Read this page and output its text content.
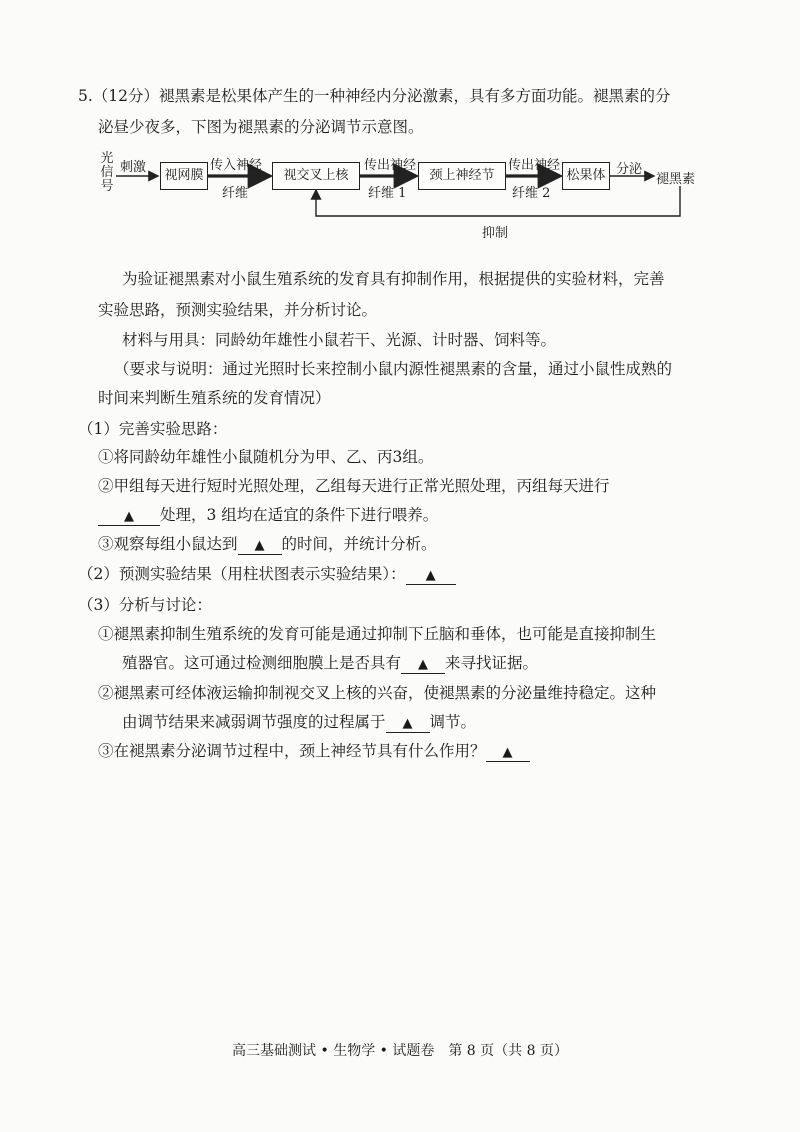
5.（12分）褪黑素是松果体产生的一种神经内分泌激素，具有多方面功能。褪黑素的分
泌昼少夜多，下图为褪黑素的分泌调节示意图。
光信号
刺激
视网膜
传入神经
纤维
视交叉上核
传出神经
纤维 1
颈上神经节
传出神经
纤维 2
松果体 分泌
褪黑素
抑制
为验证褪黑素对小鼠生殖系统的发育具有抑制作用，根据提供的实验材料，完善
实验思路，预测实验结果，并分析讨论。
材料与用具：同龄幼年雄性小鼠若干、光源、计时器、饲料等。
（要求与说明：通过光照时长来控制小鼠内源性褪黑素的含量，通过小鼠性成熟的
时间来判断生殖系统的发育情况）
（1）完善实验思路：
①将同龄幼年雄性小鼠随机分为甲、乙、丙3组。
②甲组每天进行短时光照处理，乙组每天进行正常光照处理，丙组每天进行
▲ 处理，3 组均在适宜的条件下进行喂养。
③观察每组小鼠达到 ▲ 的时间，并统计分析。
（2）预测实验结果（用柱状图表示实验结果）： ▲
（3）分析与讨论：
①褪黑素抑制生殖系统的发育可能是通过抑制下丘脑和垂体，也可能是直接抑制生
殖器官。这可通过检测细胞膜上是否具有 ▲ 来寻找证据。
②褪黑素可经体液运输抑制视交叉上核的兴奋，使褪黑素的分泌量维持稳定。这种
由调节结果来减弱调节强度的过程属于 ▲ 调节。
③在褪黑素分泌调节过程中，颈上神经节具有什么作用？ ▲
高三基础测试 • 生物学 • 试题卷　第 8 页（共 8 页）
